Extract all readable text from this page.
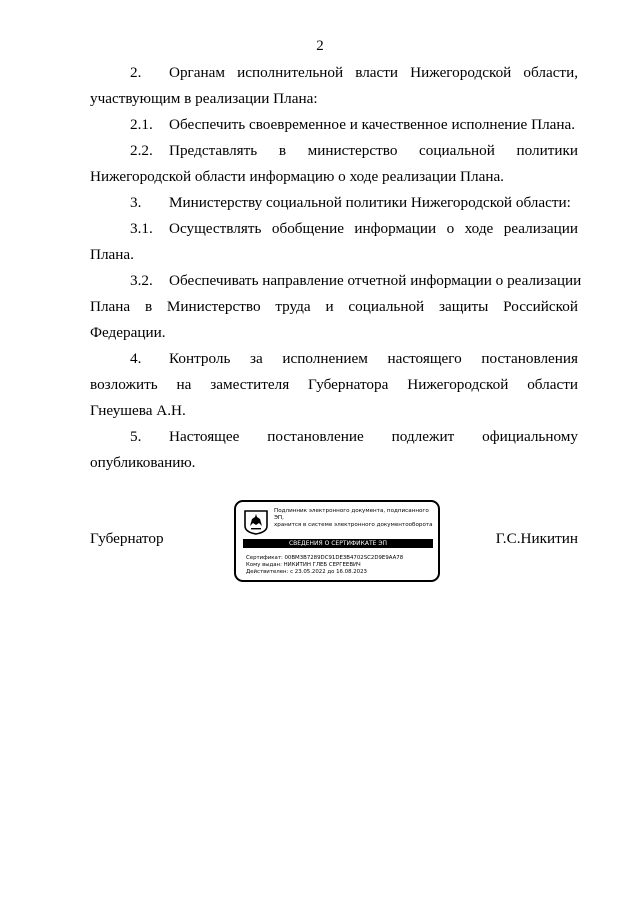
2
2. Органам исполнительной власти Нижегородской области,
участвующим в реализации Плана:
2.1. Обеспечить своевременное и качественное исполнение Плана.
2.2. Представлять в министерство социальной политики
Нижегородской области информацию о ходе реализации Плана.
3. Министерству социальной политики Нижегородской области:
3.1. Осуществлять обобщение информации о ходе реализации
Плана.
3.2. Обеспечивать направление отчетной информации о реализации
Плана в Министерство труда и социальной защиты Российской
Федерации.
4. Контроль за исполнением настоящего постановления
возложить на заместителя Губернатора Нижегородской области
Гнеушева А.Н.
5. Настоящее постановление подлежит официальному
опубликованию.
Губернатор	Г.С.Никитин
Подлинник электронного документа, подписанного ЭП,
хранится в системе электронного документооборота
СВЕДЕНИЯ О СЕРТИФИКАТЕ ЭП
Сертификат: 00BM3B7289DC91DE3B4702SC2D9E9AA78
Кому выдан: НИКИТИН ГЛЕБ СЕРГЕЕВИЧ
Действителен: с 23.05.2022 до 16.08.2023
